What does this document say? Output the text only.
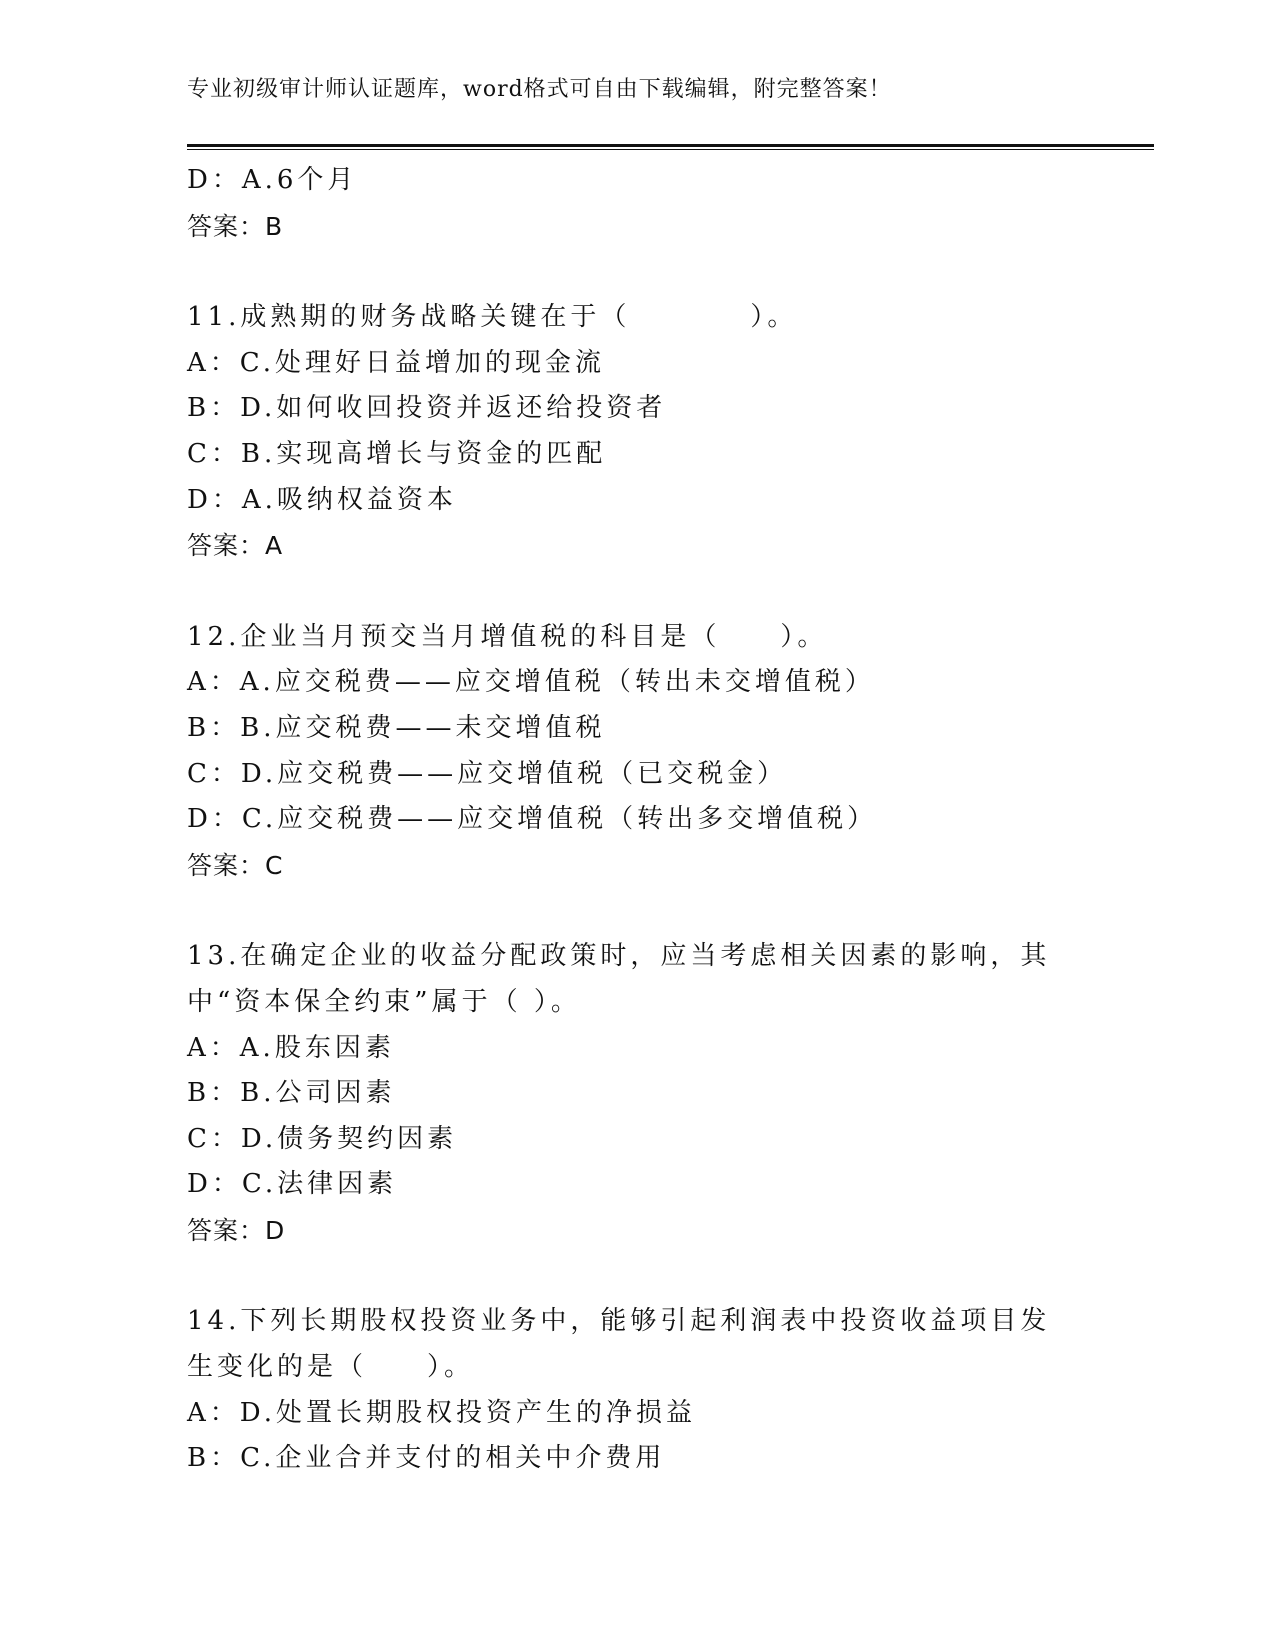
专业初级审计师认证题库，word格式可自由下载编辑，附完整答案！
D：A.6个月
答案：B
11.成熟期的财务战略关键在于（　　　　）。
A：C.处理好日益增加的现金流
B：D.如何收回投资并返还给投资者
C：B.实现高增长与资金的匹配
D：A.吸纳权益资本
答案：A
12.企业当月预交当月增值税的科目是（　　）。
A：A.应交税费——应交增值税（转出未交增值税）
B：B.应交税费——未交增值税
C：D.应交税费——应交增值税（已交税金）
D：C.应交税费——应交增值税（转出多交增值税）
答案：C
13.在确定企业的收益分配政策时，应当考虑相关因素的影响，其中“资本保全约束”属于（ ）。
A：A.股东因素
B：B.公司因素
C：D.债务契约因素
D：C.法律因素
答案：D
14.下列长期股权投资业务中，能够引起利润表中投资收益项目发生变化的是（　　）。
A：D.处置长期股权投资产生的净损益
B：C.企业合并支付的相关中介费用
